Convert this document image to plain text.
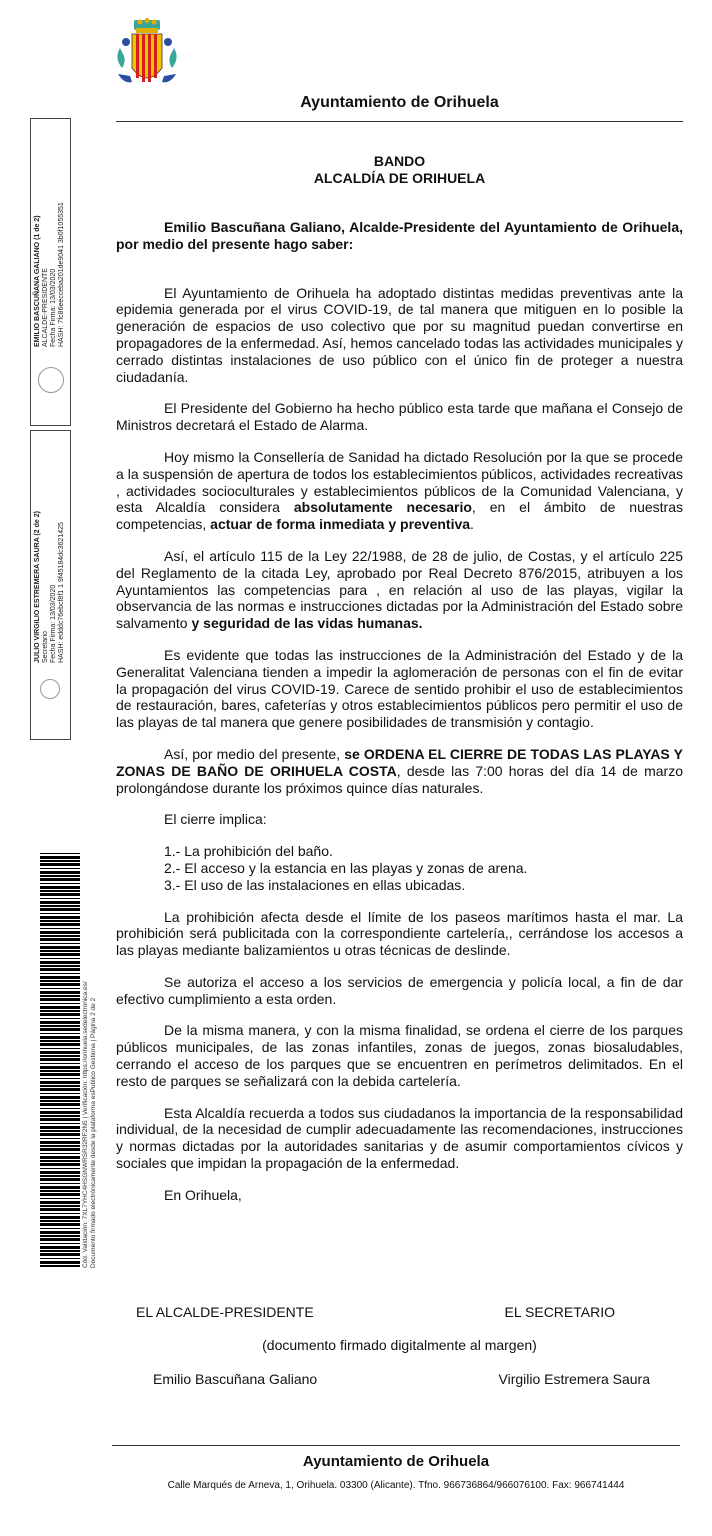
Ayuntamiento de Orihuela
BANDO
ALCALDÍA DE ORIHUELA

Emilio Bascuñana Galiano, Alcalde-Presidente del Ayuntamiento de Orihuela, por medio del presente hago saber:

El Ayuntamiento de Orihuela ha adoptado distintas medidas preventivas ante la epidemia generada por el virus COVID-19, de tal manera que mitiguen en lo posible la generación de espacios de uso colectivo que por su magnitud puedan convertirse en propagadores de la enfermedad. Así, hemos cancelado todas las actividades municipales y cerrado distintas instalaciones de uso público con el único fin de proteger a nuestra ciudadanía.

El Presidente del Gobierno ha hecho público esta tarde que mañana el Consejo de Ministros decretará el Estado de Alarma.

Hoy mismo la Consellería de Sanidad ha dictado Resolución por la que se procede a la suspensión de apertura de todos los establecimientos públicos, actividades recreativas , actividades socioculturales y establecimientos públicos de la Comunidad Valenciana, y esta Alcaldía considera absolutamente necesario, en el ámbito de nuestras competencias, actuar de forma inmediata y preventiva.

Así, el artículo 115 de la Ley 22/1988, de 28 de julio, de Costas, y el artículo 225 del Reglamento de la citada Ley, aprobado por Real Decreto 876/2015, atribuyen a los Ayuntamientos las competencias para , en relación al uso de las playas, vigilar la observancia de las normas e instrucciones dictadas por la Administración del Estado sobre salvamento y seguridad de las vidas humanas.

Es evidente que todas las instrucciones de la Administración del Estado y de la Generalitat Valenciana tienden a impedir la aglomeración de personas con el fin de evitar la propagación del virus COVID-19. Carece de sentido prohibir el uso de establecimientos de restauración, bares, cafeterías y otros establecimientos públicos pero permitir el uso de las playas de tal manera que genere posibilidades de transmisión y contagio.

Así, por medio del presente, se ORDENA EL CIERRE DE TODAS LAS PLAYAS Y ZONAS DE BAÑO DE ORIHUELA COSTA, desde las 7:00 horas del día 14 de marzo prolongándose durante los próximos quince días naturales.

El cierre implica:

1.- La prohibición del baño.
2.- El acceso y la estancia en las playas y zonas de arena.
3.- El uso de las instalaciones en ellas ubicadas.

La prohibición afecta desde el límite de los paseos marítimos hasta el mar. La prohibición será publicitada con la correspondiente cartelería,, cerrándose los accesos a las playas mediante balizamientos u otras técnicas de deslinde.

Se autoriza el acceso a los servicios de emergencia y policía local, a fin de dar efectivo cumplimiento a esta orden.

De la misma manera, y con la misma finalidad, se ordena el cierre de los parques públicos municipales, de las zonas infantiles, zonas de juegos, zonas biosaludables, cerrando el acceso de los parques que se encuentren en perímetros delimitados. En el resto de parques se señalizará con la debida cartelería.

Esta Alcaldía recuerda a todos sus ciudadanos la importancia de la responsabilidad individual, de la necesidad de cumplir adecuadamente las recomendaciones, instrucciones y normas dictadas por la autoridades sanitarias y de asumir comportamientos cívicos y sociales que impidan la propagación de la enfermedad.

En Orihuela,

EL ALCALDE-PRESIDENTE	EL SECRETARIO
(documento firmado digitalmente al margen)
Emilio Bascuñana Galiano	Virgilio Estremera Saura
EMILIO BASCUÑANA GALIANO (1 de 2) ALCALDE-PRESIDENTE Fecha Firma: 13/03/2020 HASH: 7fc86eecceba201de9041 3b0f1055351
JULIO VIRGILIO ESTREMERA SAURA (2 de 2) Secretario Fecha Firma: 13/03/2020 HASH: edddc76ebcf8f1 1 9f45184dc3621425
Cód. Validación: 7XL7YHC4HSGNWRSR32RF2N5 | Verificación: https://orihuela.sedelectronica.es/ Documento firmado electrónicamente desde la plataforma esPublico Gestiona | Página 2 de 2
Ayuntamiento de Orihuela
Calle Marqués de Arneva, 1, Orihuela. 03300 (Alicante). Tfno. 966736864/966076100. Fax: 966741444
